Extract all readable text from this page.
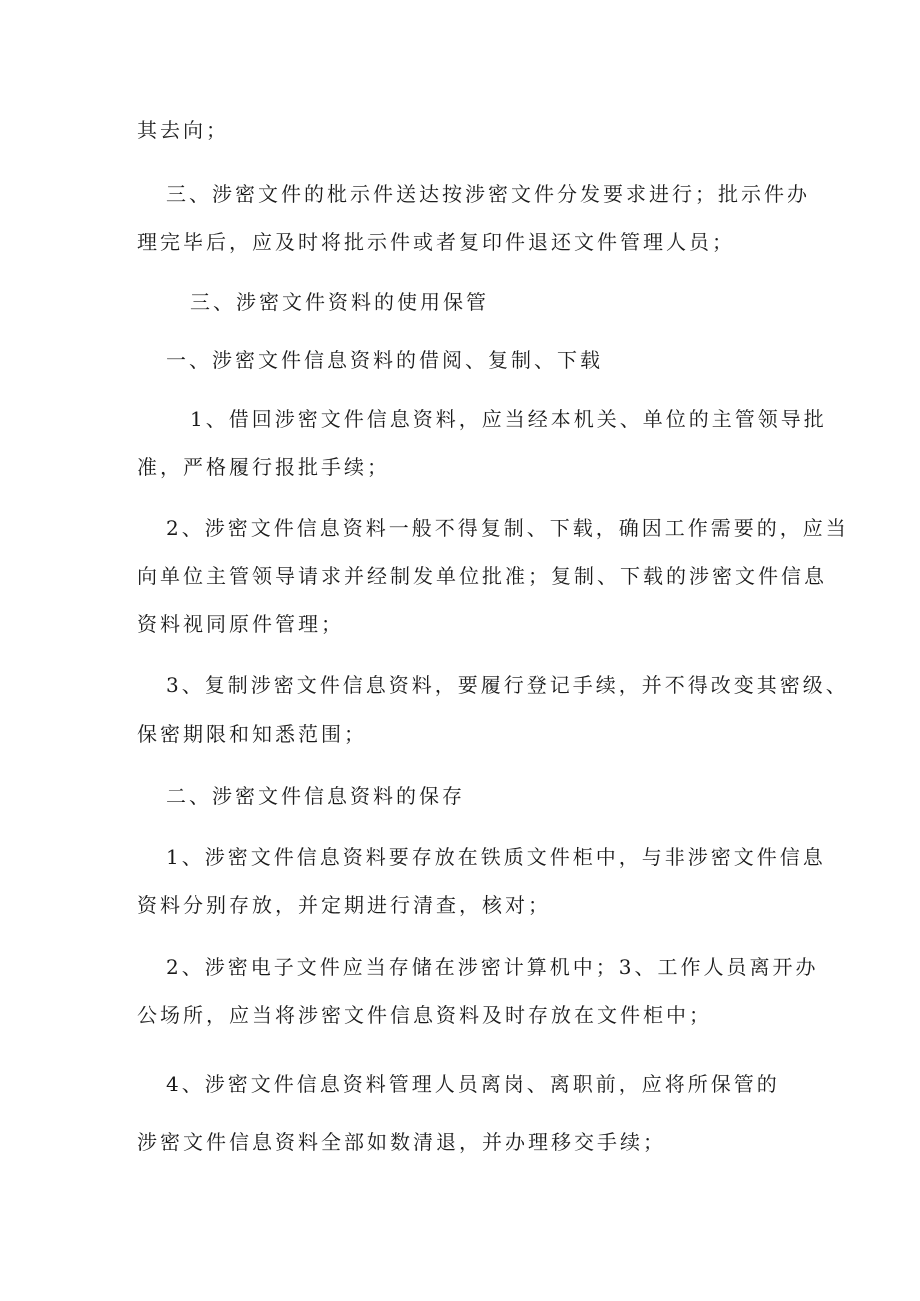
其去向；
三、涉密文件的枇示件送达按涉密文件分发要求进行；批示件办
理完毕后，应及时将批示件或者复印件退还文件管理人员；
三、涉密文件资料的使用保管
一、涉密文件信息资料的借阅、复制、下载
1、借回涉密文件信息资料，应当经本机关、单位的主管领导批
准，严格履行报批手续；
2、涉密文件信息资料一般不得复制、下载，确因工作需要的，应当
向单位主管领导请求并经制发单位批准；复制、下载的涉密文件信息
资料视同原件管理；
3、复制涉密文件信息资料，要履行登记手续，并不得改变其密级、
保密期限和知悉范围；
二、涉密文件信息资料的保存
1、涉密文件信息资料要存放在铁质文件柜中，与非涉密文件信息
资料分别存放，并定期进行清查，核对；
2、涉密电子文件应当存储在涉密计算机中；3、工作人员离开办
公场所，应当将涉密文件信息资料及时存放在文件柜中；
4、涉密文件信息资料管理人员离岗、离职前，应将所保管的
涉密文件信息资料全部如数清退，并办理移交手续；
